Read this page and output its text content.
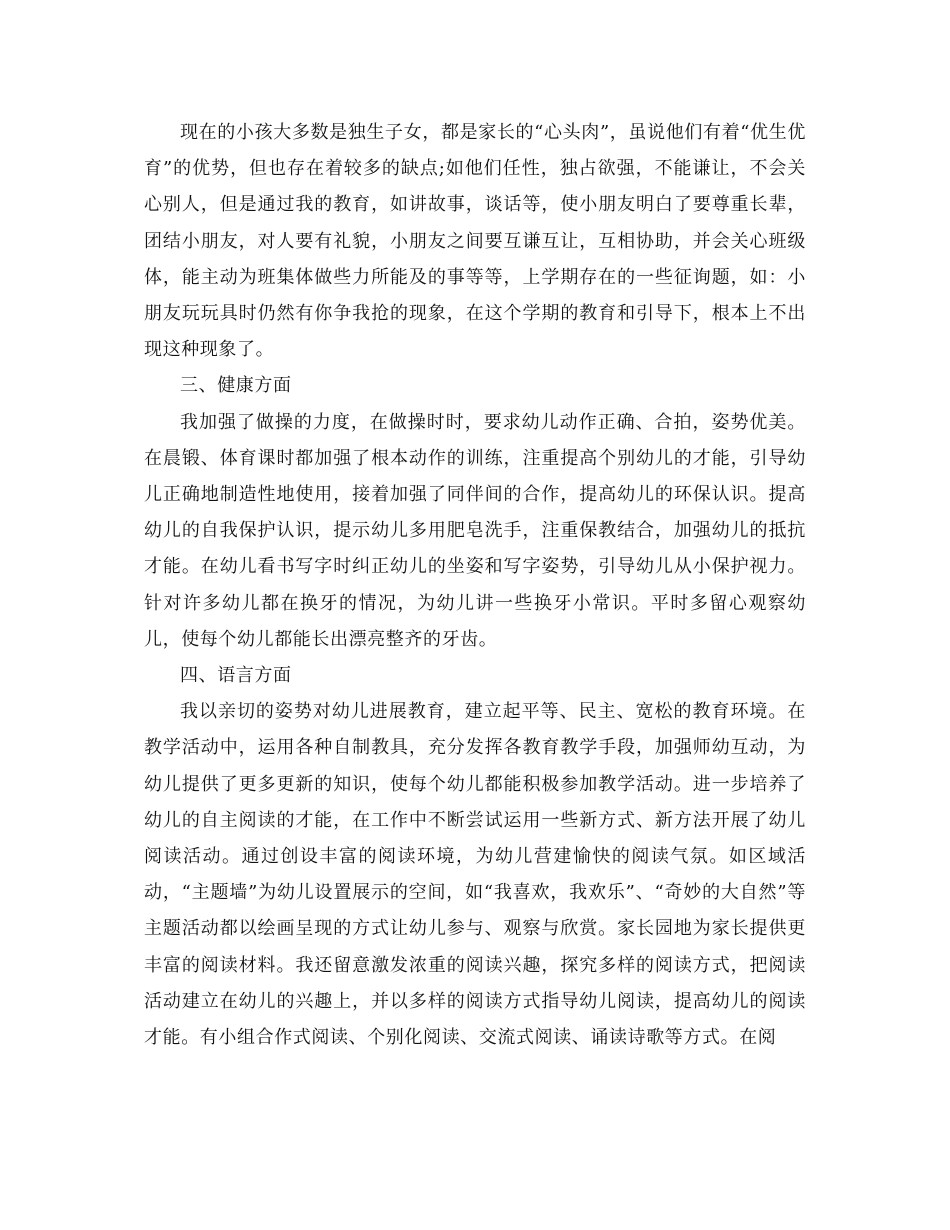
现在的小孩大多数是独生子女，都是家长的“心头肉”，虽说他们有着“优生优育”的优势，但也存在着较多的缺点;如他们任性，独占欲强，不能谦让，不会关心别人，但是通过我的教育，如讲故事，谈话等，使小朋友明白了要尊重长辈，团结小朋友，对人要有礼貌，小朋友之间要互谦互让，互相协助，并会关心班级体，能主动为班集体做些力所能及的事等等，上学期存在的一些征询题，如：小朋友玩玩具时仍然有你争我抢的现象，在这个学期的教育和引导下，根本上不出现这种现象了。

三、健康方面

我加强了做操的力度，在做操时时，要求幼儿动作正确、合拍，姿势优美。在晨锻、体育课时都加强了根本动作的训练，注重提高个别幼儿的才能，引导幼儿正确地制造性地使用，接着加强了同伴间的合作，提高幼儿的环保认识。提高幼儿的自我保护认识，提示幼儿多用肥皂洗手，注重保教结合，加强幼儿的抵抗才能。在幼儿看书写字时纠正幼儿的坐姿和写字姿势，引导幼儿从小保护视力。针对许多幼儿都在换牙的情况，为幼儿讲一些换牙小常识。平时多留心观察幼儿，使每个幼儿都能长出漂亮整齐的牙齿。

四、语言方面

我以亲切的姿势对幼儿进展教育，建立起平等、民主、宽松的教育环境。在教学活动中，运用各种自制教具，充分发挥各教育教学手段，加强师幼互动，为幼儿提供了更多更新的知识，使每个幼儿都能积极参加教学活动。进一步培养了幼儿的自主阅读的才能，在工作中不断尝试运用一些新方式、新方法开展了幼儿阅读活动。通过创设丰富的阅读环境，为幼儿营建愉快的阅读气氛。如区域活动，“主题墙”为幼儿设置展示的空间，如“我喜欢，我欢乐”、“奇妙的大自然”等主题活动都以绘画呈现的方式让幼儿参与、观察与欣赏。家长园地为家长提供更丰富的阅读材料。我还留意激发浓重的阅读兴趣，探究多样的阅读方式，把阅读活动建立在幼儿的兴趣上，并以多样的阅读方式指导幼儿阅读，提高幼儿的阅读才能。有小组合作式阅读、个别化阅读、交流式阅读、诵读诗歌等方式。在阅
